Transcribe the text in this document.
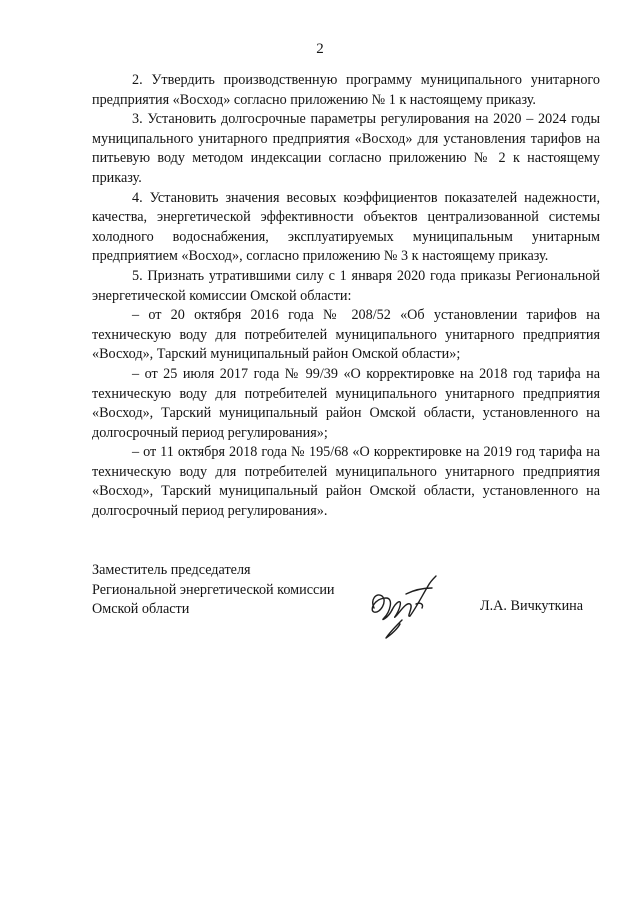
2

2. Утвердить производственную программу муниципального унитарного предприятия «Восход» согласно приложению № 1 к настоящему приказу.

3. Установить долгосрочные параметры регулирования на 2020 – 2024 годы муниципального унитарного предприятия «Восход» для установления тарифов на питьевую воду методом индексации согласно приложению № 2 к настоящему приказу.

4. Установить значения весовых коэффициентов показателей надежности, качества, энергетической эффективности объектов централизованной системы холодного водоснабжения, эксплуатируемых муниципальным унитарным предприятием «Восход», согласно приложению № 3 к настоящему приказу.

5. Признать утратившими силу с 1 января 2020 года приказы Региональной энергетической комиссии Омской области:

– от 20 октября 2016 года № 208/52 «Об установлении тарифов на техническую воду для потребителей муниципального унитарного предприятия «Восход», Тарский муниципальный район Омской области»;

– от 25 июля 2017 года № 99/39 «О корректировке на 2018 год тарифа на техническую воду для потребителей муниципального унитарного предприятия «Восход», Тарский муниципальный район Омской области, установленного на долгосрочный период регулирования»;

– от 11 октября 2018 года № 195/68 «О корректировке на 2019 год тарифа на техническую воду для потребителей муниципального унитарного предприятия «Восход», Тарский муниципальный район Омской области, установленного на долгосрочный период регулирования».

Заместитель председателя
Региональной энергетической комиссии
Омской области	Л.А. Вичкуткина
